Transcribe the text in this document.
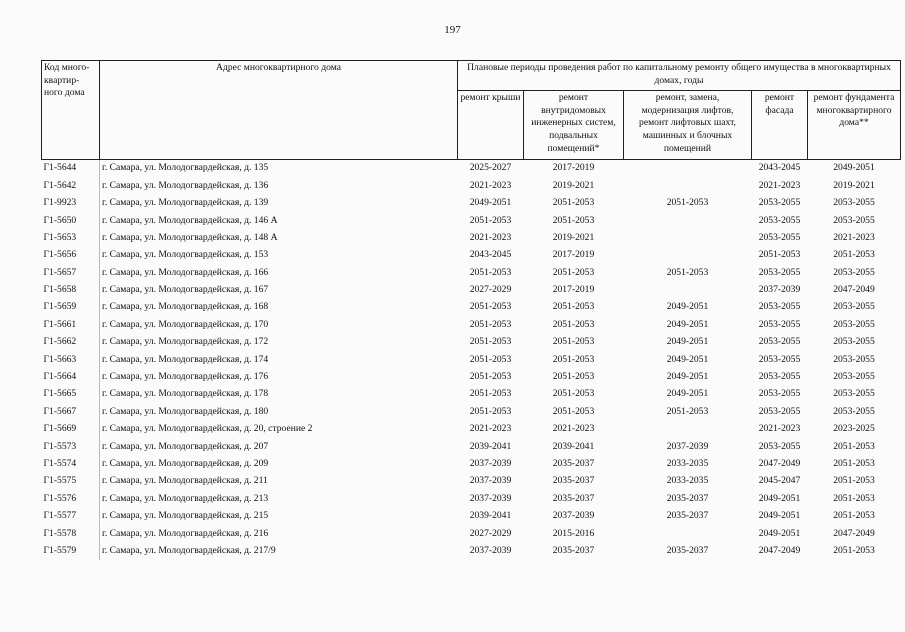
197
Код много-квартир-ного дома	Адрес многоквартирного дома	Плановые периоды проведения работ по капитальному ремонту общего имущества в многоквартирных домах, годы				
		ремонт крыши	ремонт внутридомовых инженерных систем, подвальных помещений*	ремонт, замена, модернизация лифтов, ремонт лифтовых шахт, машинных и блочных помещений	ремонт фасада	ремонт фундамента многоквартирного дома**
Г1-5644	г. Самара, ул. Молодогвардейская, д. 135	2025-2027	2017-2019		2043-2045	2049-2051
Г1-5642	г. Самара, ул. Молодогвардейская, д. 136	2021-2023	2019-2021		2021-2023	2019-2021
Г1-9923	г. Самара, ул. Молодогвардейская, д. 139	2049-2051	2051-2053	2051-2053	2053-2055	2053-2055
Г1-5650	г. Самара, ул. Молодогвардейская, д. 146 А	2051-2053	2051-2053		2053-2055	2053-2055
Г1-5653	г. Самара, ул. Молодогвардейская, д. 148 А	2021-2023	2019-2021		2053-2055	2021-2023
Г1-5656	г. Самара, ул. Молодогвардейская, д. 153	2043-2045	2017-2019		2051-2053	2051-2053
Г1-5657	г. Самара, ул. Молодогвардейская, д. 166	2051-2053	2051-2053	2051-2053	2053-2055	2053-2055
Г1-5658	г. Самара, ул. Молодогвардейская, д. 167	2027-2029	2017-2019		2037-2039	2047-2049
Г1-5659	г. Самара, ул. Молодогвардейская, д. 168	2051-2053	2051-2053	2049-2051	2053-2055	2053-2055
Г1-5661	г. Самара, ул. Молодогвардейская, д. 170	2051-2053	2051-2053	2049-2051	2053-2055	2053-2055
Г1-5662	г. Самара, ул. Молодогвардейская, д. 172	2051-2053	2051-2053	2049-2051	2053-2055	2053-2055
Г1-5663	г. Самара, ул. Молодогвардейская, д. 174	2051-2053	2051-2053	2049-2051	2053-2055	2053-2055
Г1-5664	г. Самара, ул. Молодогвардейская, д. 176	2051-2053	2051-2053	2049-2051	2053-2055	2053-2055
Г1-5665	г. Самара, ул. Молодогвардейская, д. 178	2051-2053	2051-2053	2049-2051	2053-2055	2053-2055
Г1-5667	г. Самара, ул. Молодогвардейская, д. 180	2051-2053	2051-2053	2051-2053	2053-2055	2053-2055
Г1-5669	г. Самара, ул. Молодогвардейская, д. 20, строение 2	2021-2023	2021-2023		2021-2023	2023-2025
Г1-5573	г. Самара, ул. Молодогвардейская, д. 207	2039-2041	2039-2041	2037-2039	2053-2055	2051-2053
Г1-5574	г. Самара, ул. Молодогвардейская, д. 209	2037-2039	2035-2037	2033-2035	2047-2049	2051-2053
Г1-5575	г. Самара, ул. Молодогвардейская, д. 211	2037-2039	2035-2037	2033-2035	2045-2047	2051-2053
Г1-5576	г. Самара, ул. Молодогвардейская, д. 213	2037-2039	2035-2037	2035-2037	2049-2051	2051-2053
Г1-5577	г. Самара, ул. Молодогвардейская, д. 215	2039-2041	2037-2039	2035-2037	2049-2051	2051-2053
Г1-5578	г. Самара, ул. Молодогвардейская, д. 216	2027-2029	2015-2016		2049-2051	2047-2049
Г1-5579	г. Самара, ул. Молодогвардейская, д. 217/9	2037-2039	2035-2037	2035-2037	2047-2049	2051-2053
